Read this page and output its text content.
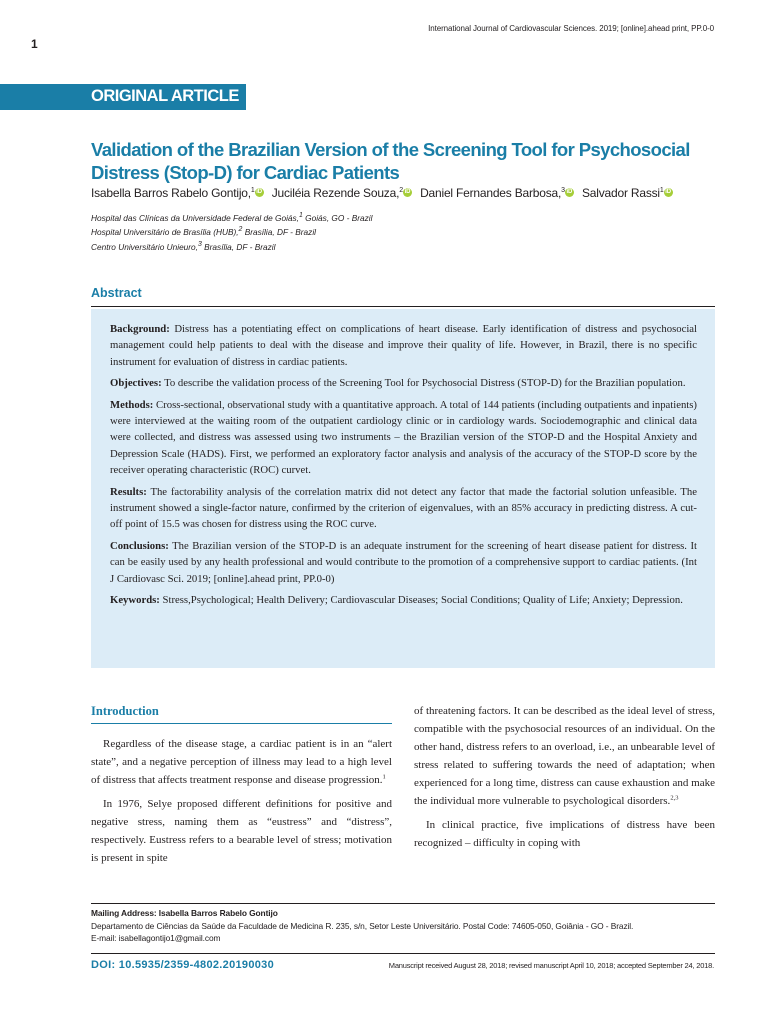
International Journal of Cardiovascular Sciences. 2019; [online].ahead print, PP.0-0
1
ORIGINAL ARTICLE
Validation of the Brazilian Version of the Screening Tool for Psychosocial Distress (Stop-D) for Cardiac Patients
Isabella Barros Rabelo Gontijo,$^1$ iD Juciléia Rezende Souza,$^2$ iD Daniel Fernandes Barbosa,$^3$ iD Salvador Rassi$^1$ iD
Hospital das Clínicas da Universidade Federal de Goiás,$^1$ Goiás, GO - Brazil
Hospital Universitário de Brasília (HUB),$^2$ Brasília, DF - Brazil
Centro Universitário Unieuro,$^3$ Brasília, DF - Brazil
Abstract

Background: Distress has a potentiating effect on complications of heart disease. Early identification of distress and psychosocial management could help patients to deal with the disease and improve their quality of life. However, in Brazil, there is no specific instrument for evaluation of distress in cardiac patients.

Objectives: To describe the validation process of the Screening Tool for Psychosocial Distress (STOP-D) for the Brazilian population.

Methods: Cross-sectional, observational study with a quantitative approach. A total of 144 patients (including outpatients and inpatients) were interviewed at the waiting room of the outpatient cardiology clinic or in cardiology wards. Sociodemographic and clinical data were collected, and distress was assessed using two instruments – the Brazilian version of the STOP-D and the Hospital Anxiety and Depression Scale (HADS). First, we performed an exploratory factor analysis and analysis of the accuracy of the STOP-D score by the receiver operating characteristic (ROC) curvet.

Results: The factorability analysis of the correlation matrix did not detect any factor that made the factorial solution unfeasible. The instrument showed a single-factor nature, confirmed by the criterion of eigenvalues, with an 85% accuracy in predicting distress. A cut-off point of 15.5 was chosen for distress using the ROC curve.

Conclusions: The Brazilian version of the STOP-D is an adequate instrument for the screening of heart disease patient for distress. It can be easily used by any health professional and would contribute to the promotion of a comprehensive support to cardiac patients. (Int J Cardiovasc Sci. 2019; [online].ahead print, PP.0-0)

Keywords: Stress,Psychological; Health Delivery; Cardiovascular Diseases; Social Conditions; Quality of Life; Anxiety; Depression.

Introduction

Regardless of the disease stage, a cardiac patient is in an “alert state”, and a negative perception of illness may lead to a high level of distress that affects treatment response and disease progression.$^1$

In 1976, Selye proposed different definitions for positive and negative stress, naming them as “eustress” and “distress”, respectively. Eustress refers to a bearable level of stress; motivation is present in spite

of threatening factors. It can be described as the ideal level of stress, compatible with the psychosocial resources of an individual. On the other hand, distress refers to an overload, i.e., an unbearable level of stress related to suffering towards the need of adaptation; when experienced for a long time, distress can cause exhaustion and make the individual more vulnerable to psychological disorders.$^{2,3}$

In clinical practice, five implications of distress have been recognized – difficulty in coping with

Mailing Address: Isabella Barros Rabelo Gontijo
Departamento de Ciências da Saúde da Faculdade de Medicina R. 235, s/n, Setor Leste Universitário. Postal Code: 74605-050, Goiânia - GO - Brazil.
E-mail: isabellagontijo1@gmail.com
DOI: 10.5935/2359-4802.20190030	Manuscript received August 28, 2018; revised manuscript April 10, 2018; accepted September 24, 2018.
